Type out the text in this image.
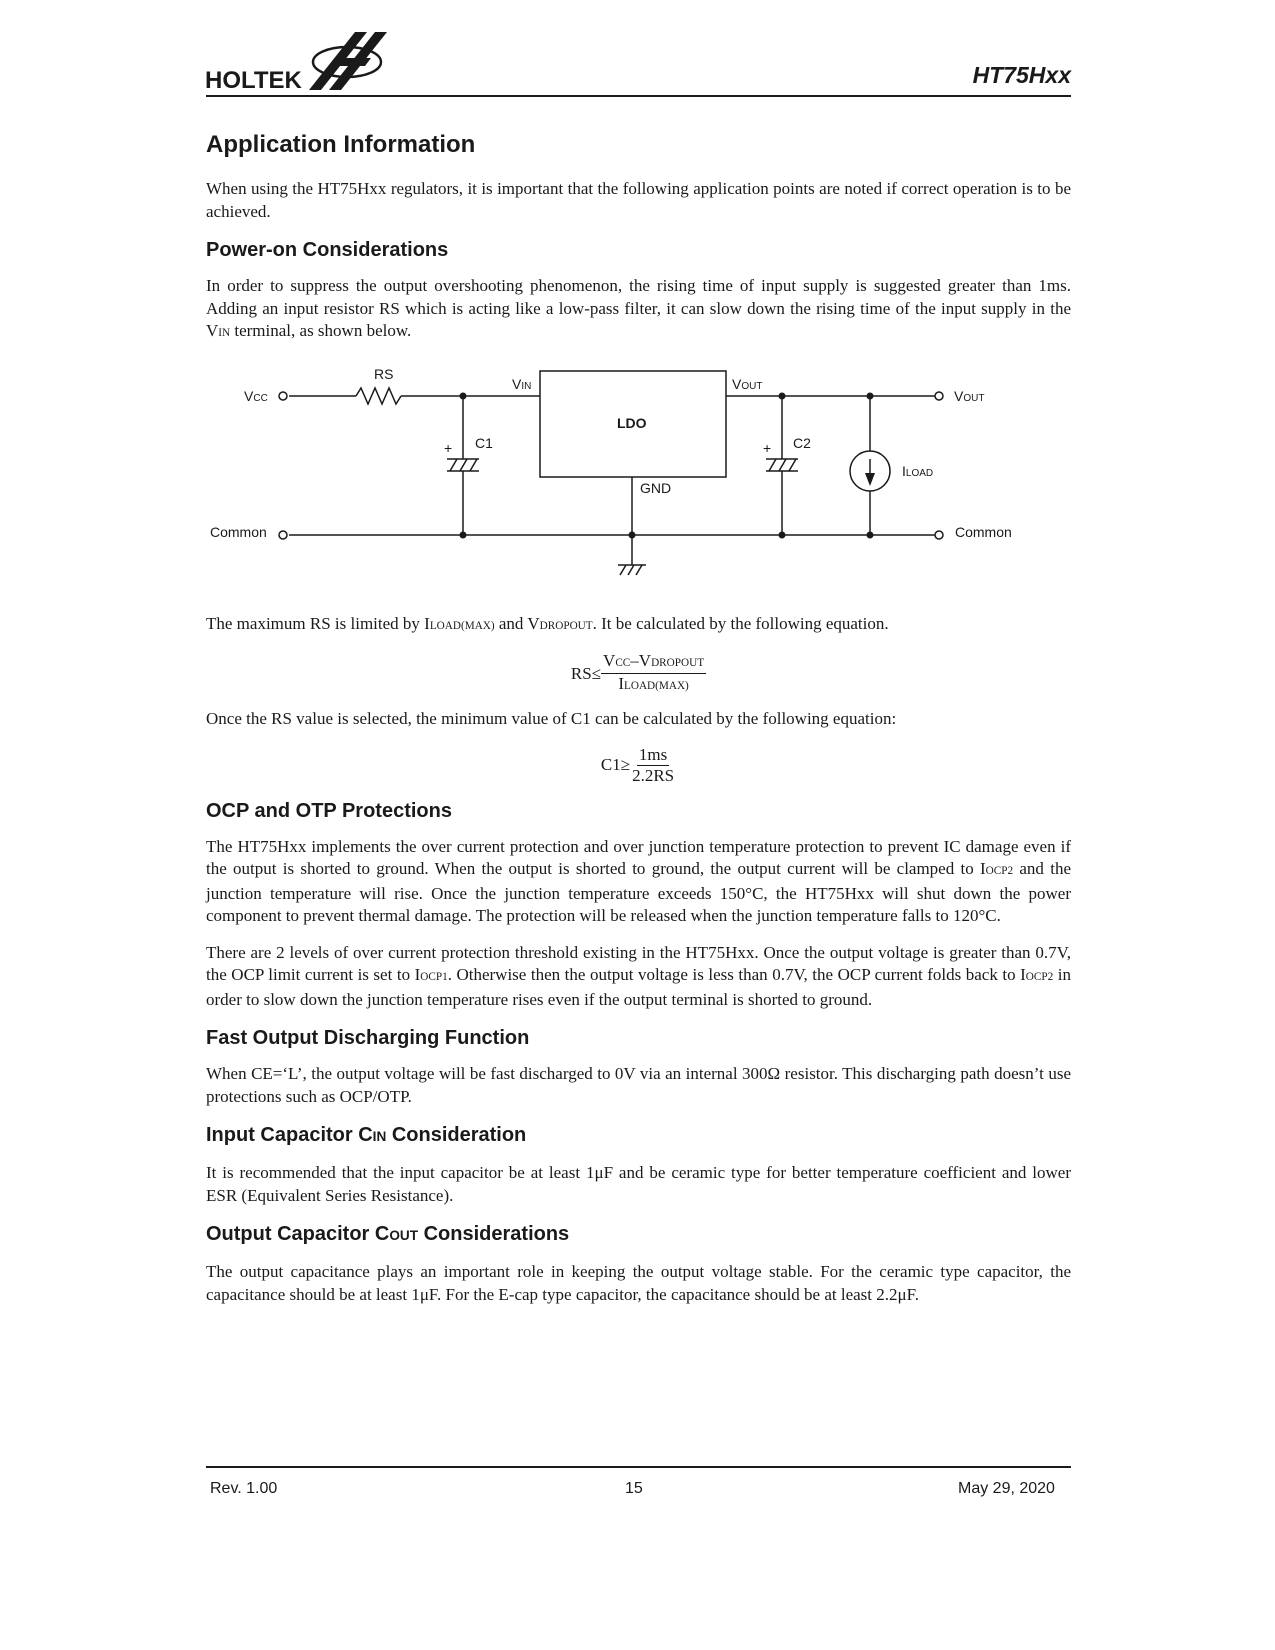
HOLTEK	HT75Hxx
Application Information

When using the HT75Hxx regulators, it is important that the following application points are noted if correct operation is to be achieved.

Power-on Considerations

In order to suppress the output overshooting phenomenon, the rising time of input supply is suggested greater than 1ms. Adding an input resistor RS which is acting like a low-pass filter, it can slow down the rising time of the input supply in the VIN terminal, as shown below.

VCC
RS
VIN
LDO
VOUT
VOUT
+ C1	+ C2
GND
ILOAD
Common	Common

The maximum RS is limited by ILOAD(MAX) and VDROPOUT. It be calculated by the following equation.

$RS\le \frac{\text{VCC–VDROPOUT}}{\text{ILOAD(MAX)}}$

Once the RS value is selected, the minimum value of C1 can be calculated by the following equation:

$C1\ge \frac{1ms}{2.2RS}$
OCP and OTP Protections

The HT75Hxx implements the over current protection and over junction temperature protection to prevent IC damage even if the output is shorted to ground. When the output is shorted to ground, the output current will be clamped to IOCP2 and the junction temperature will rise. Once the junction temperature exceeds 150°C, the HT75Hxx will shut down the power component to prevent thermal damage. The protection will be released when the junction temperature falls to 120°C.

There are 2 levels of over current protection threshold existing in the HT75Hxx. Once the output voltage is greater than 0.7V, the OCP limit current is set to IOCP1. Otherwise then the output voltage is less than 0.7V, the OCP current folds back to IOCP2 in order to slow down the junction temperature rises even if the output terminal is shorted to ground.

Fast Output Discharging Function

When CE=‘L’, the output voltage will be fast discharged to 0V via an internal 300Ω resistor. This discharging path doesn’t use protections such as OCP/OTP.

Input Capacitor CIN Consideration

It is recommended that the input capacitor be at least 1μF and be ceramic type for better temperature coefficient and lower ESR (Equivalent Series Resistance).

Output Capacitor COUT Considerations

The output capacitance plays an important role in keeping the output voltage stable. For the ceramic type capacitor, the capacitance should be at least 1μF. For the E-cap type capacitor, the capacitance should be at least 2.2μF.

Rev. 1.00	15	May 29, 2020
